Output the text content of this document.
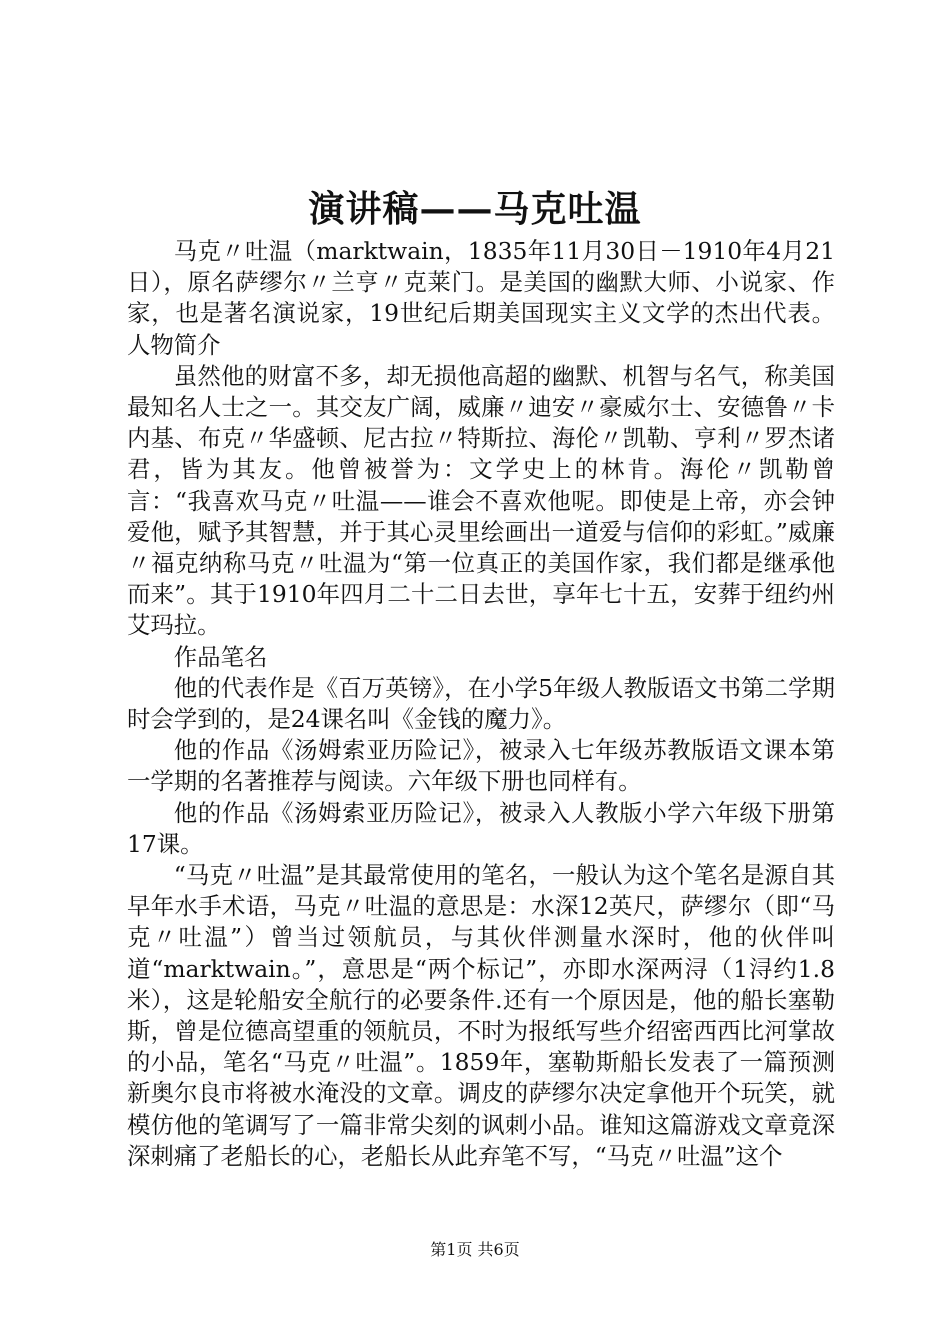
演讲稿——马克吐温

马克〃吐温（marktwain，1835年11月30日－1910年4月21日），原名萨缪尔〃兰亨〃克莱门。是美国的幽默大师、小说家、作家，也是著名演说家，19世纪后期美国现实主义文学的杰出代表。人物简介

虽然他的财富不多，却无损他高超的幽默、机智与名气，称美国最知名人士之一。其交友广阔，威廉〃迪安〃豪威尔士、安德鲁〃卡内基、布克〃华盛顿、尼古拉〃特斯拉、海伦〃凯勒、亨利〃罗杰诸君，皆为其友。他曾被誉为：文学史上的林肯。海伦〃凯勒曾言：“我喜欢马克〃吐温——谁会不喜欢他呢。即使是上帝，亦会钟爱他，赋予其智慧，并于其心灵里绘画出一道爱与信仰的彩虹。”威廉〃福克纳称马克〃吐温为“第一位真正的美国作家，我们都是继承他而来”。其于1910年四月二十二日去世，享年七十五，安葬于纽约州艾玛拉。

作品笔名

他的代表作是《百万英镑》，在小学5年级人教版语文书第二学期时会学到的，是24课名叫《金钱的魔力》。

他的作品《汤姆索亚历险记》，被录入七年级苏教版语文课本第一学期的名著推荐与阅读。六年级下册也同样有。

他的作品《汤姆索亚历险记》，被录入人教版小学六年级下册第17课。

“马克〃吐温”是其最常使用的笔名，一般认为这个笔名是源自其早年水手术语，马克〃吐温的意思是：水深12英尺，萨缪尔（即“马克〃吐温”）曾当过领航员，与其伙伴测量水深时，他的伙伴叫道“marktwain。”，意思是“两个标记”，亦即水深两浔（1浔约1.8米），这是轮船安全航行的必要条件.还有一个原因是，他的船长塞勒斯，曾是位德高望重的领航员，不时为报纸写些介绍密西西比河掌故的小品，笔名“马克〃吐温”。1859年，塞勒斯船长发表了一篇预测新奥尔良市将被水淹没的文章。调皮的萨缪尔决定拿他开个玩笑，就模仿他的笔调写了一篇非常尖刻的讽刺小品。谁知这篇游戏文章竟深深刺痛了老船长的心，老船长从此弃笔不写，“马克〃吐温”这个

第1页 共6页
